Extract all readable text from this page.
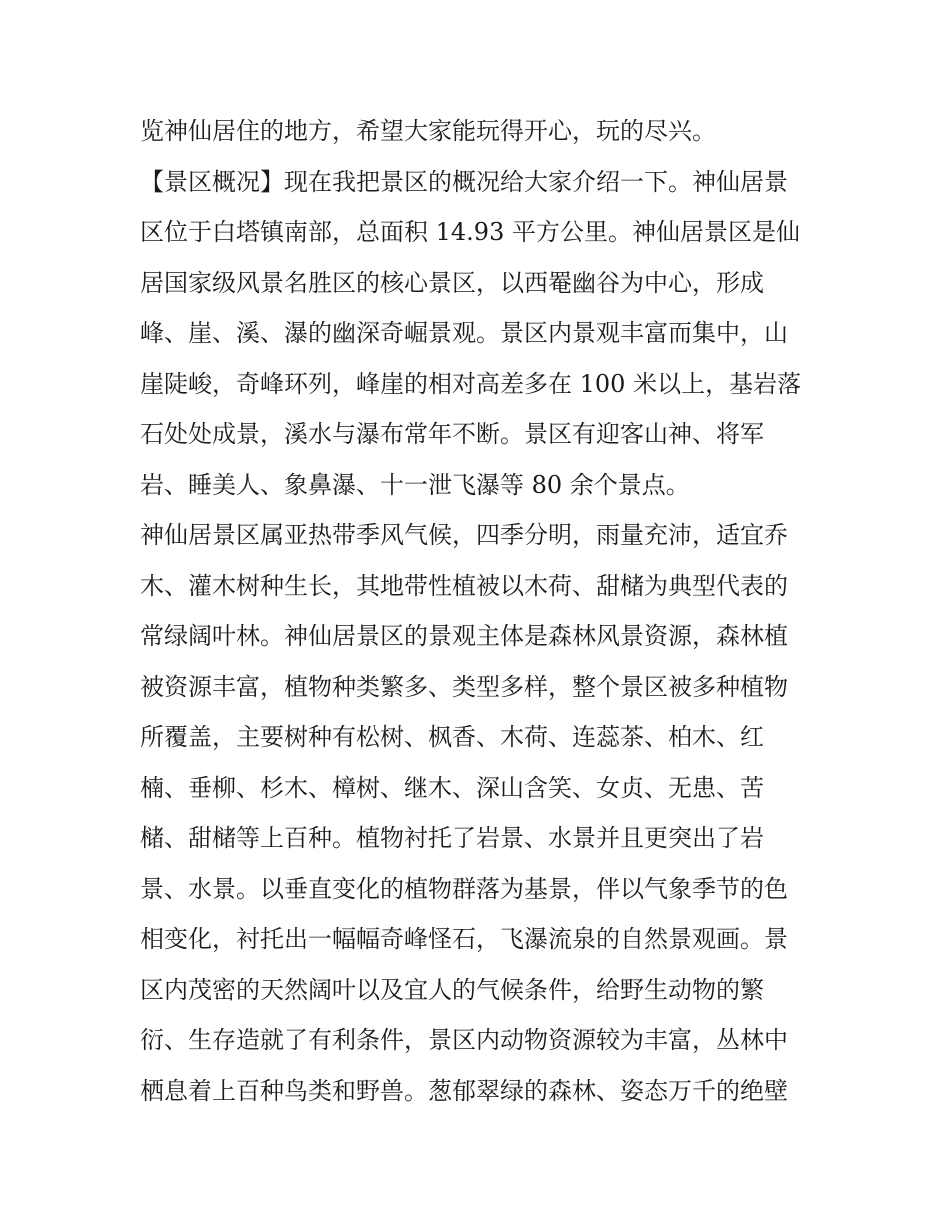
览神仙居住的地方，希望大家能玩得开心，玩的尽兴。

【景区概况】现在我把景区的概况给大家介绍一下。神仙居景
区位于白塔镇南部，总面积 14.93 平方公里。神仙居景区是仙
居国家级风景名胜区的核心景区，以西罨幽谷为中心，形成
峰、崖、溪、瀑的幽深奇崛景观。景区内景观丰富而集中，山
崖陡峻，奇峰环列，峰崖的相对高差多在 100 米以上，基岩落
石处处成景，溪水与瀑布常年不断。景区有迎客山神、将军
岩、睡美人、象鼻瀑、十一泄飞瀑等 80 余个景点。

神仙居景区属亚热带季风气候，四季分明，雨量充沛，适宜乔
木、灌木树种生长，其地带性植被以木荷、甜槠为典型代表的
常绿阔叶林。神仙居景区的景观主体是森林风景资源，森林植
被资源丰富，植物种类繁多、类型多样，整个景区被多种植物
所覆盖，主要树种有松树、枫香、木荷、连蕊茶、柏木、红
楠、垂柳、杉木、樟树、继木、深山含笑、女贞、无患、苦
槠、甜槠等上百种。植物衬托了岩景、水景并且更突出了岩
景、水景。以垂直变化的植物群落为基景，伴以气象季节的色
相变化，衬托出一幅幅奇峰怪石，飞瀑流泉的自然景观画。景
区内茂密的天然阔叶以及宜人的气候条件，给野生动物的繁
衍、生存造就了有利条件，景区内动物资源较为丰富，丛林中
栖息着上百种鸟类和野兽。葱郁翠绿的森林、姿态万千的绝壁
